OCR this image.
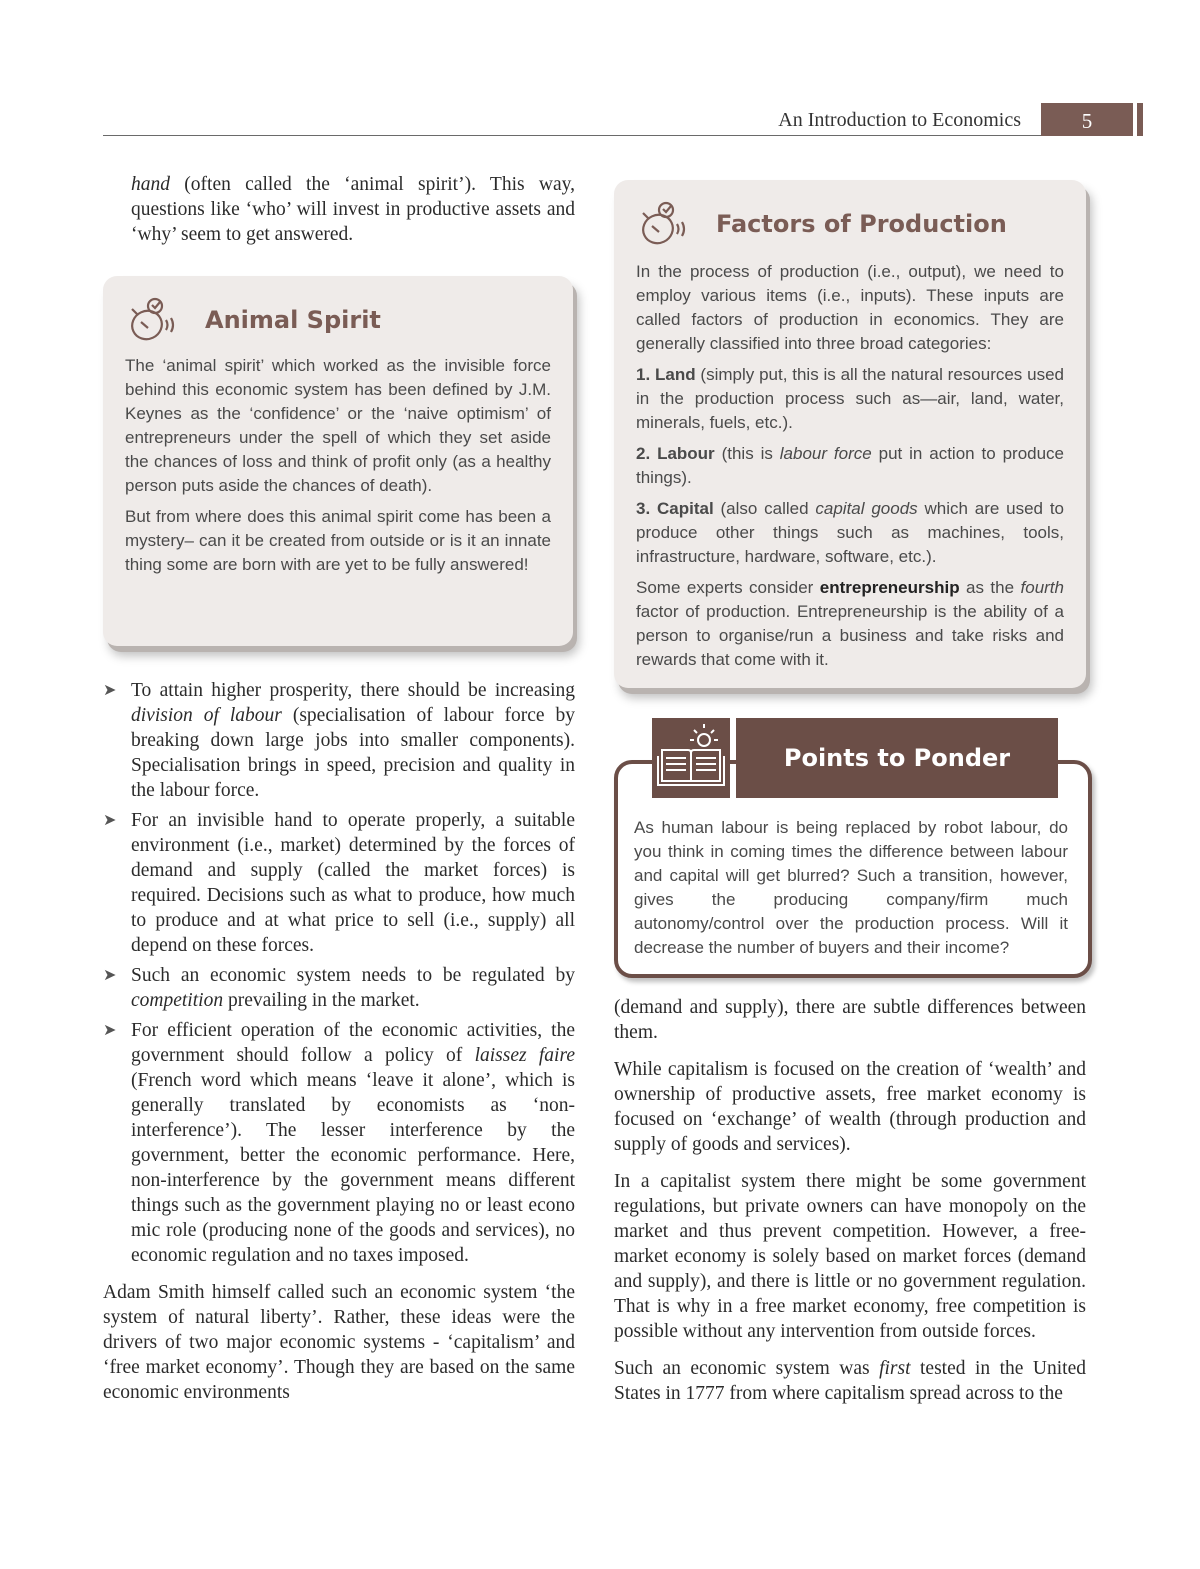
An Introduction to Economics	5

hand (often called the ‘animal spirit’). This way, questions like ‘who’ will invest in productive assets and ‘why’ seem to get answered.

Animal Spirit

The ‘animal spirit’ which worked as the invisible force behind this economic system has been defined by J.M. Keynes as the ‘confidence’ or the ‘naive optimism’ of entrepreneurs under the spell of which they set aside the chances of loss and think of profit only (as a healthy person puts aside the chances of death).

But from where does this animal spirit come has been a mystery– can it be created from outside or is it an innate thing some are born with are yet to be fully answered!

➤ To attain higher prosperity, there should be increasing division of labour (specialisation of labour force by breaking down large jobs into smaller components). Specialisation brings in speed, precision and quality in the labour force.
➤ For an invisible hand to operate properly, a suitable environment (i.e., market) determined by the forces of demand and supply (called the market forces) is required. Decisions such as what to produce, how much to produce and at what price to sell (i.e., supply) all depend on these forces.
➤ Such an economic system needs to be regulated by competition prevailing in the market.
➤ For efficient operation of the economic activities, the government should follow a policy of laissez faire (French word which means ‘leave it alone’, which is generally translated by economists as ‘non-interference’). The lesser interference by the government, better the economic performance. Here, non-interference by the government means different things such as the government playing no or least econo mic role (producing none of the goods and services), no economic regulation and no taxes imposed.

Adam Smith himself called such an economic system ‘the system of natural liberty’. Rather, these ideas were the drivers of two major economic systems - ‘capitalism’ and ‘free market economy’. Though they are based on the same economic environments

Factors of Production

In the process of production (i.e., output), we need to employ various items (i.e., inputs). These inputs are called factors of production in economics. They are generally classified into three broad categories:

1. Land (simply put, this is all the natural resources used in the production process such as—air, land, water, minerals, fuels, etc.).

2. Labour (this is labour force put in action to produce things).

3. Capital (also called capital goods which are used to produce other things such as machines, tools, infrastructure, hardware, software, etc.).

Some experts consider entrepreneurship as the fourth factor of production. Entrepreneurship is the ability of a person to organise/run a business and take risks and rewards that come with it.

Points to Ponder
As human labour is being replaced by robot labour, do you think in coming times the difference between labour and capital will get blurred? Such a transition, however, gives the producing company/firm much autonomy/control over the production process. Will it decrease the number of buyers and their income?

(demand and supply), there are subtle differences between them.

While capitalism is focused on the creation of ‘wealth’ and ownership of productive assets, free market economy is focused on ‘exchange’ of wealth (through production and supply of goods and services).

In a capitalist system there might be some government regulations, but private owners can have monopoly on the market and thus prevent competition. However, a free-market economy is solely based on market forces (demand and supply), and there is little or no government regulation. That is why in a free market economy, free competition is possible without any intervention from outside forces.

Such an economic system was first tested in the United States in 1777 from where capitalism spread across to the
